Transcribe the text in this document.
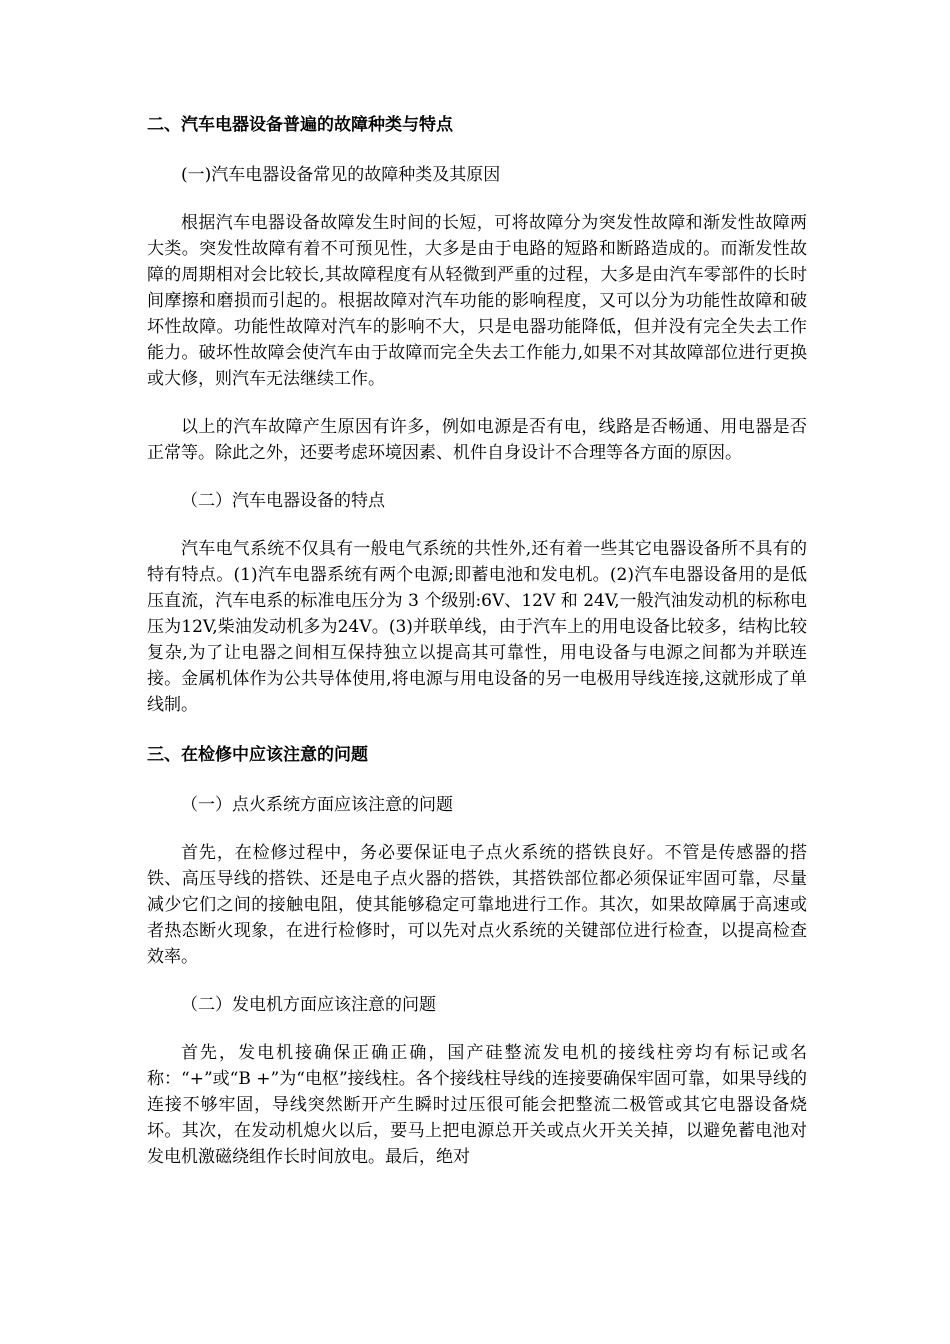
二、汽车电器设备普遍的故障种类与特点

(一)汽车电器设备常见的故障种类及其原因

根据汽车电器设备故障发生时间的长短，可将故障分为突发性故障和渐发性故障两大类。突发性故障有着不可预见性，大多是由于电路的短路和断路造成的。而渐发性故障的周期相对会比较长,其故障程度有从轻微到严重的过程，大多是由汽车零部件的长时间摩擦和磨损而引起的。根据故障对汽车功能的影响程度，又可以分为功能性故障和破坏性故障。功能性故障对汽车的影响不大，只是电器功能降低，但并没有完全失去工作能力。破坏性故障会使汽车由于故障而完全失去工作能力,如果不对其故障部位进行更换或大修，则汽车无法继续工作。

以上的汽车故障产生原因有许多，例如电源是否有电，线路是否畅通、用电器是否正常等。除此之外，还要考虑环境因素、机件自身设计不合理等各方面的原因。

（二）汽车电器设备的特点

汽车电气系统不仅具有一般电气系统的共性外,还有着一些其它电器设备所不具有的特有特点。(1)汽车电器系统有两个电源;即蓄电池和发电机。(2)汽车电器设备用的是低压直流，汽车电系的标准电压分为 3 个级别:6V、12V 和 24V,一般汽油发动机的标称电压为12V,柴油发动机多为24V。(3)并联单线，由于汽车上的用电设备比较多，结构比较复杂,为了让电器之间相互保持独立以提高其可靠性，用电设备与电源之间都为并联连接。金属机体作为公共导体使用,将电源与用电设备的另一电极用导线连接,这就形成了单线制。

三、在检修中应该注意的问题

（一）点火系统方面应该注意的问题

首先，在检修过程中，务必要保证电子点火系统的搭铁良好。不管是传感器的搭铁、高压导线的搭铁、还是电子点火器的搭铁，其搭铁部位都必须保证牢固可靠，尽量减少它们之间的接触电阻，使其能够稳定可靠地进行工作。其次，如果故障属于高速或者热态断火现象，在进行检修时，可以先对点火系统的关键部位进行检查，以提高检查效率。

（二）发电机方面应该注意的问题

首先，发电机接确保正确正确，国产硅整流发电机的接线柱旁均有标记或名称：“+”或“B +”为“电枢”接线柱。各个接线柱导线的连接要确保牢固可靠，如果导线的连接不够牢固，导线突然断开产生瞬时过压很可能会把整流二极管或其它电器设备烧坏。其次，在发动机熄火以后，要马上把电源总开关或点火开关关掉，以避免蓄电池对发电机激磁绕组作长时间放电。最后，绝对
